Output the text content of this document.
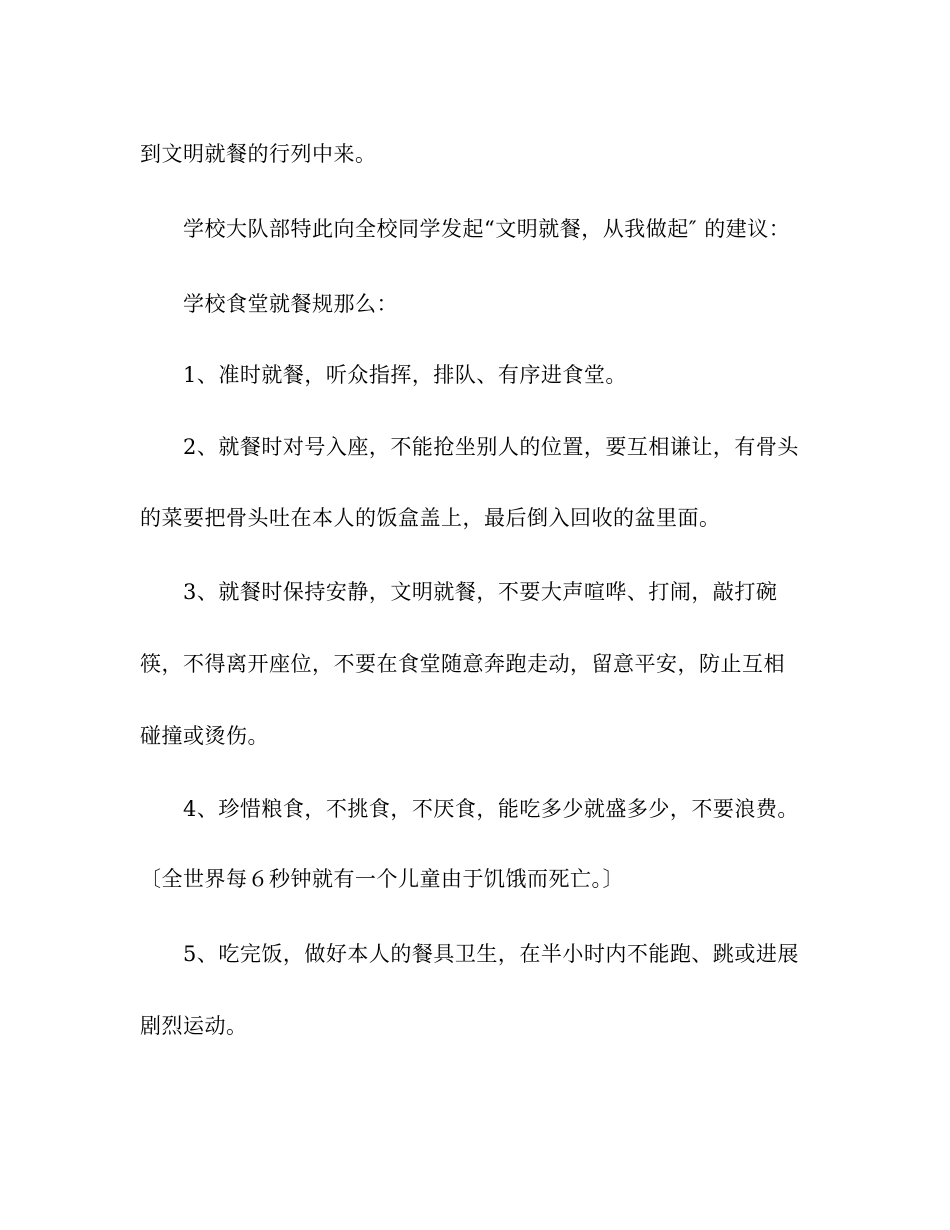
到文明就餐的行列中来。
学校大队部特此向全校同学发起“文明就餐，从我做起″ 的建议：
学校食堂就餐规那么：
1、准时就餐，听众指挥，排队、有序进食堂。
2、就餐时对号入座，不能抢坐别人的位置，要互相谦让，有骨头
的菜要把骨头吐在本人的饭盒盖上，最后倒入回收的盆里面。
3、就餐时保持安静，文明就餐，不要大声喧哗、打闹，敲打碗
筷，不得离开座位，不要在食堂随意奔跑走动，留意平安，防止互相
碰撞或烫伤。
4、珍惜粮食，不挑食，不厌食，能吃多少就盛多少，不要浪费。
〔全世界每６秒钟就有一个儿童由于饥饿而死亡。〕
5、吃完饭，做好本人的餐具卫生，在半小时内不能跑、跳或进展
剧烈运动。
